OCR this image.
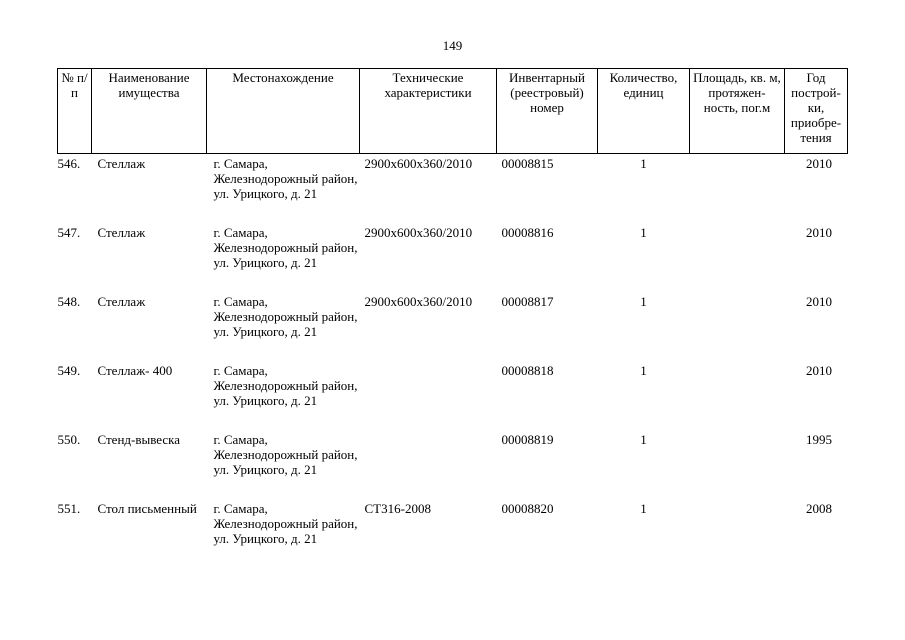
149
№ п/п	Наименование имущества	Местонахождение	Технические характеристики	Инвентарный (реестровый) номер	Количество, единиц	Площадь, кв. м, протяжен-ность, пог.м	Год построй-ки, приобре-тения
546.	Стеллаж	г. Самара, Железнодорожный район, ул. Урицкого, д. 21	2900х600х360/2010	00008815	1		2010
547.	Стеллаж	г. Самара, Железнодорожный район, ул. Урицкого, д. 21	2900х600х360/2010	00008816	1		2010
548.	Стеллаж	г. Самара, Железнодорожный район, ул. Урицкого, д. 21	2900х600х360/2010	00008817	1		2010
549.	Стеллаж- 400	г. Самара, Железнодорожный район, ул. Урицкого, д. 21		00008818	1		2010
550.	Стенд-вывеска	г. Самара, Железнодорожный район, ул. Урицкого, д. 21		00008819	1		1995
551.	Стол письменный	г. Самара, Железнодорожный район, ул. Урицкого, д. 21	СТ316-2008	00008820	1		2008
